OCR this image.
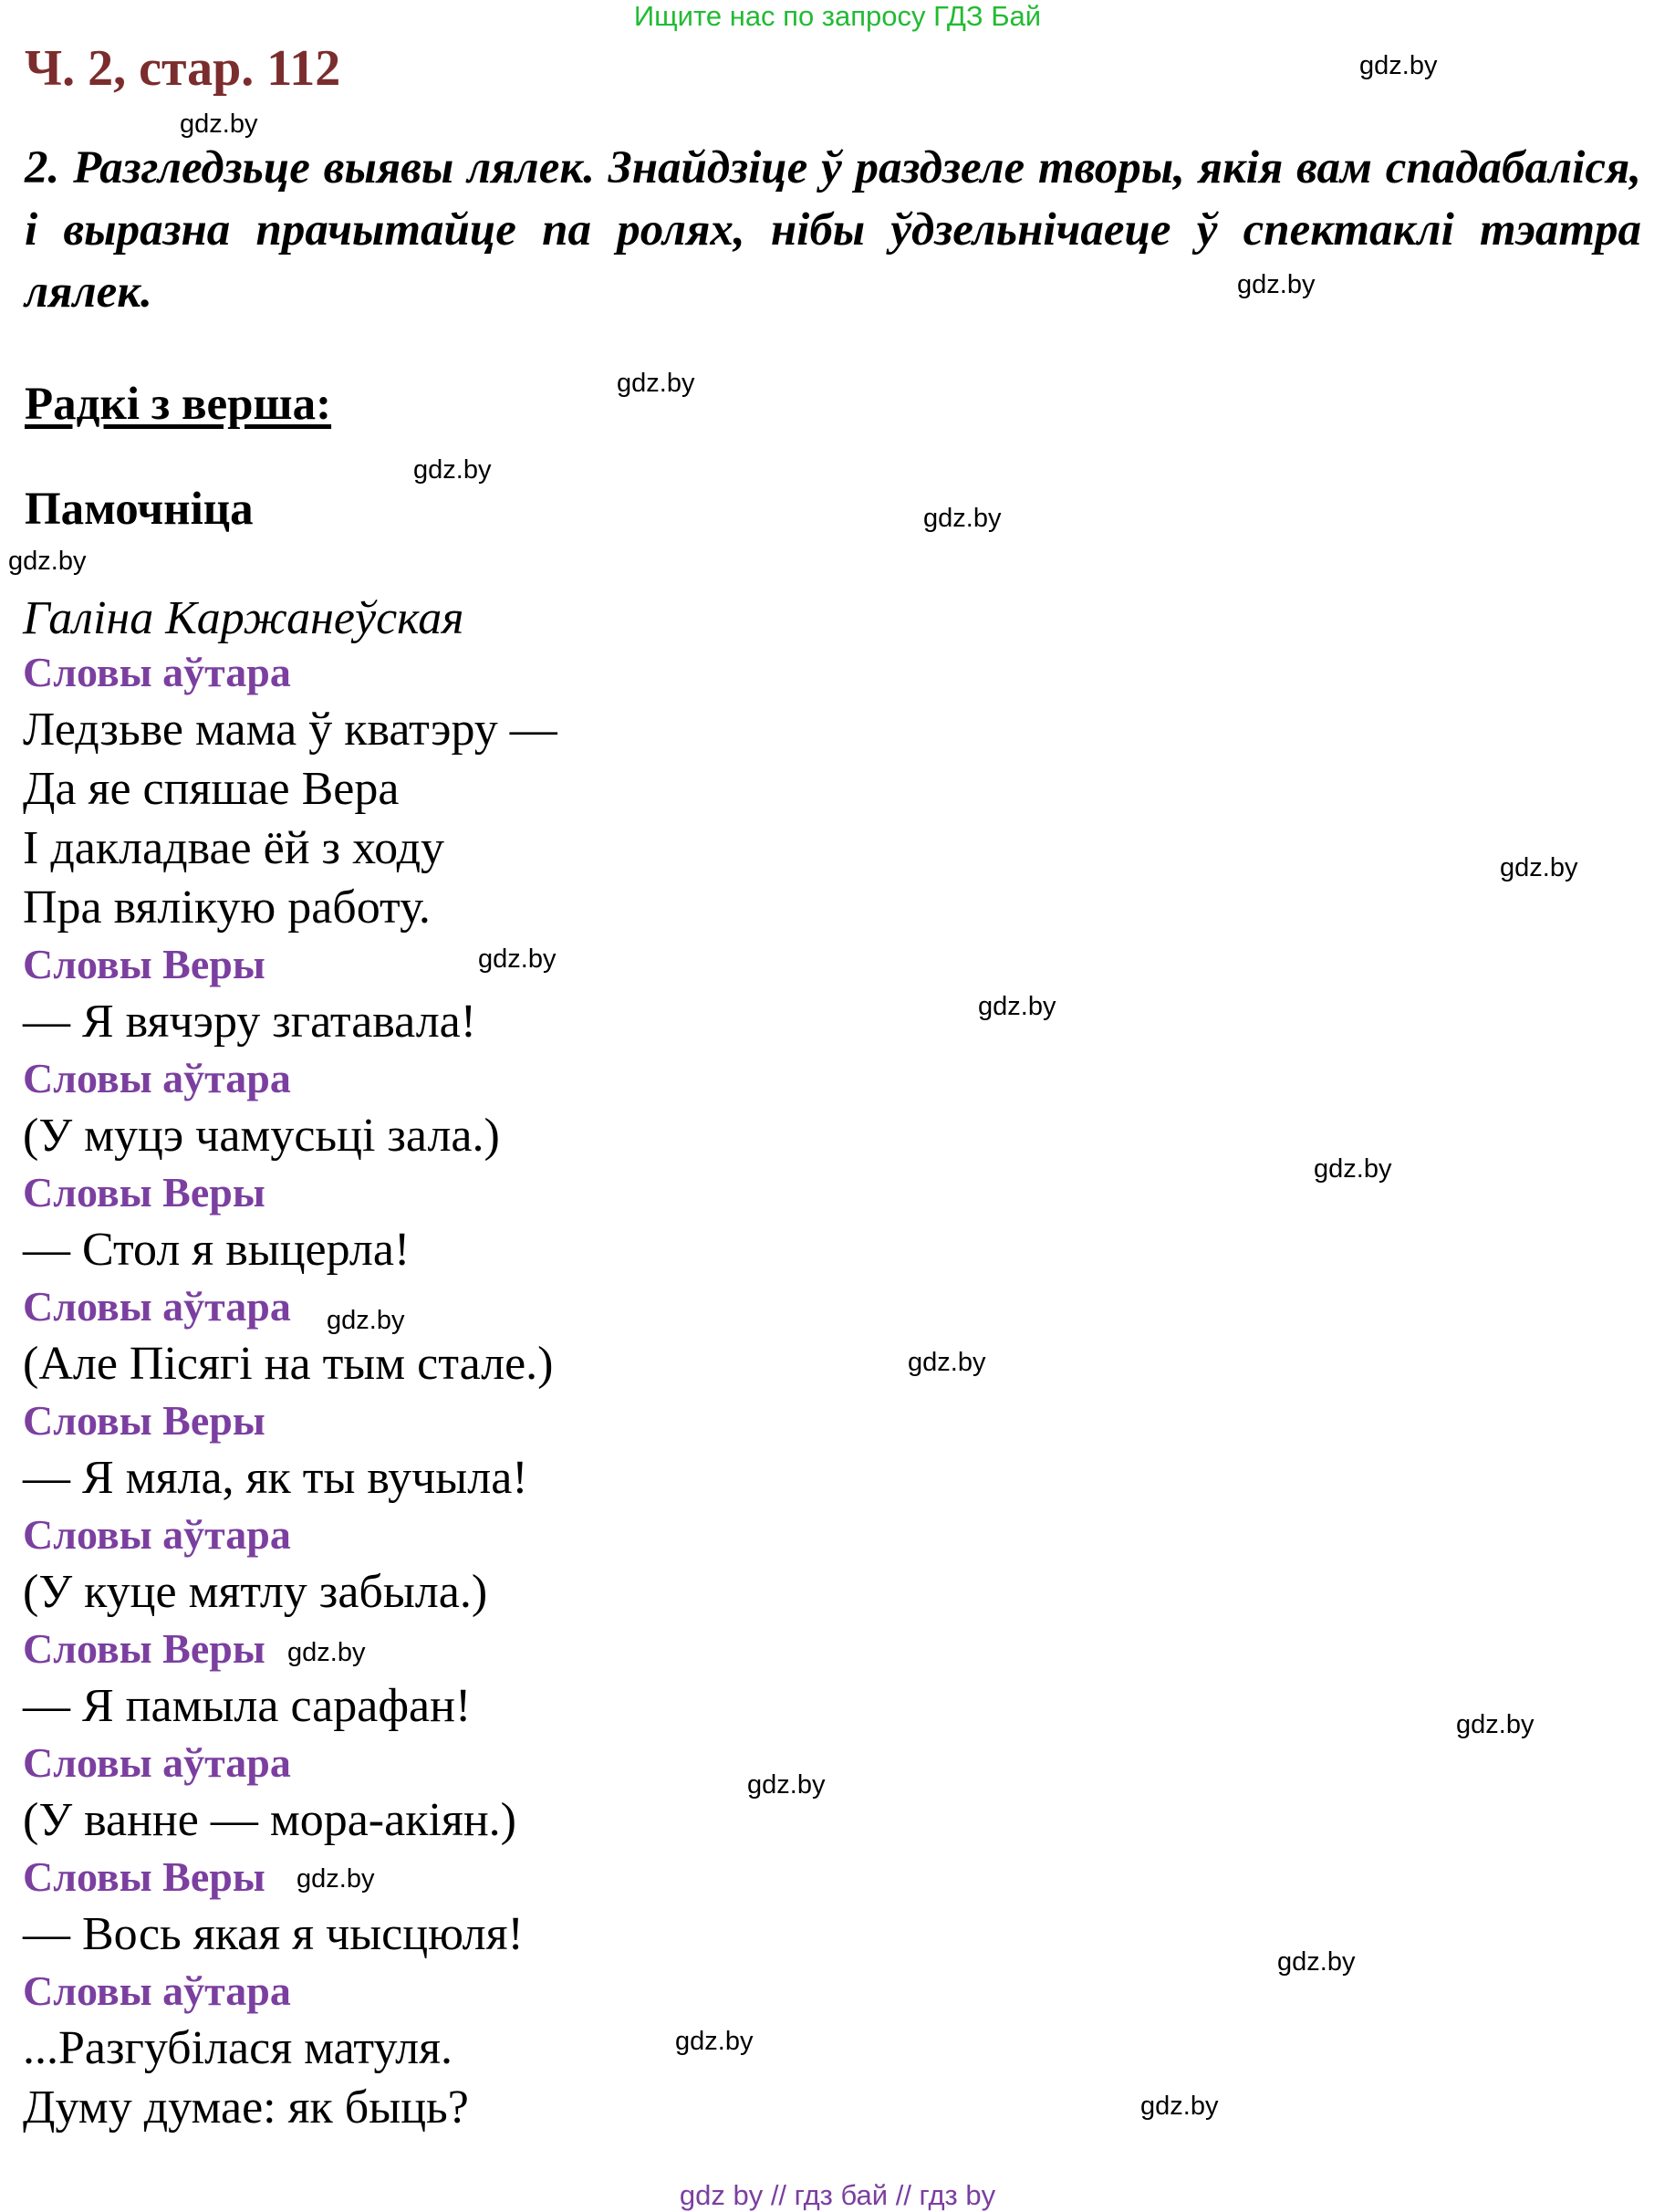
Ищите нас по запросу ГДЗ Бай
Ч. 2, стар. 112
2. Разгледзьце выявы лялек. Знайдзіце ў раздзеле творы, якія вам спадабаліся, і выразна прачытайце па ролях, нібы ўдзельнічаеце ў спектаклі тэатра лялек.
Радкі з верша:
Памочніца
Галіна Каржанеўская
Словы аўтара
Ледзьве мама ў кватэру —
Да яе спяшае Вера
І дакладвае ёй з ходу
Пра вялікую работу.
Словы Веры
— Я вячэру згатавала!
Словы аўтара
(У муцэ чамусьці зала.)
Словы Веры
— Стол я выцерла!
Словы аўтара
(Але Пісягі на тым стале.)
Словы Веры
— Я мяла, як ты вучыла!
Словы аўтара
(У куце мятлу забыла.)
Словы Веры
— Я памыла сарафан!
Словы аўтара
(У ванне — мора-акіян.)
Словы Веры
— Вось якая я чысцюля!
Словы аўтара
...Разгубілася матуля.
Думу думае: як быць?
gdz.by
gdz.by
gdz.by
gdz.by
gdz.by
gdz.by
gdz.by
gdz.by
gdz.by
gdz.by
gdz.by
gdz.by
gdz.by
gdz.by
gdz.by
gdz.by
gdz.by
gdz.by
gdz.by
gdz.by
gdz by // гдз бай // гдз by
